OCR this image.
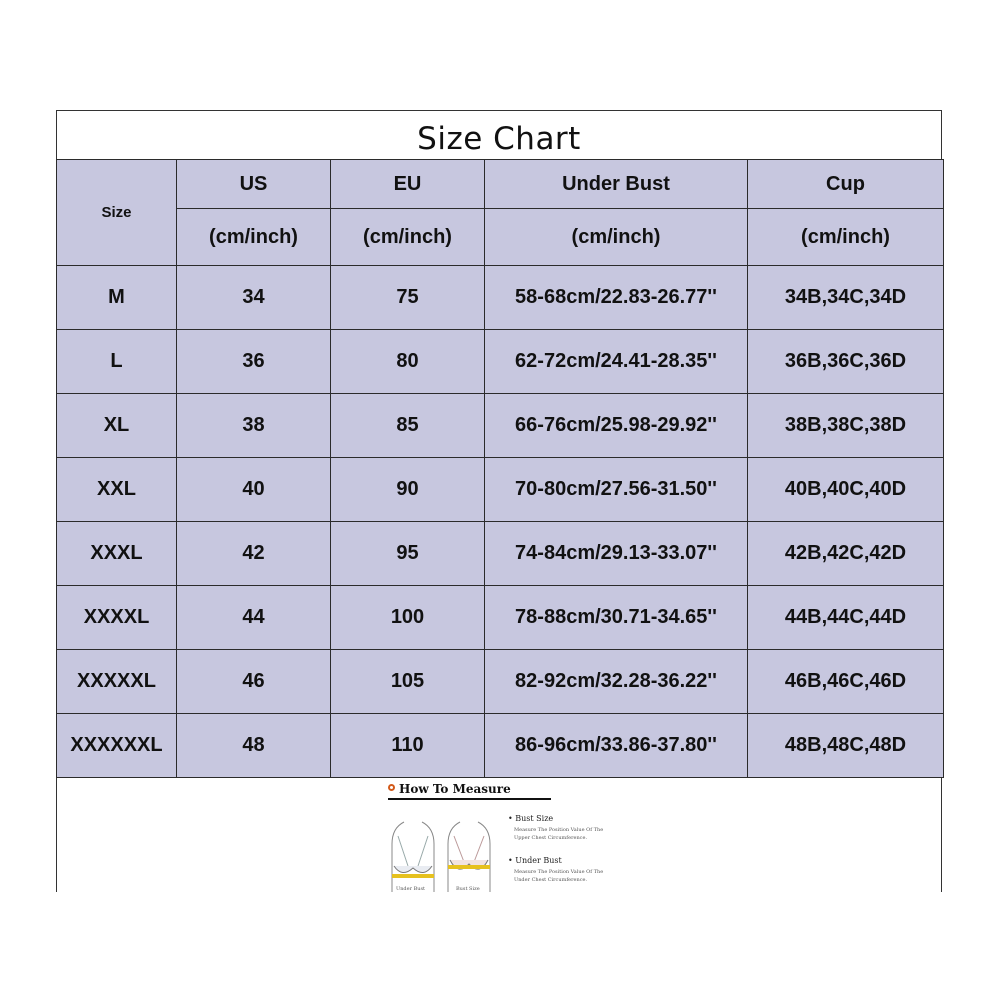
Size Chart
Size	US	EU	Under Bust	Cup
	(cm/inch)	(cm/inch)	(cm/inch)	(cm/inch)
M	34	75	58-68cm/22.83-26.77''	34B,34C,34D
L	36	80	62-72cm/24.41-28.35''	36B,36C,36D
XL	38	85	66-76cm/25.98-29.92''	38B,38C,38D
XXL	40	90	70-80cm/27.56-31.50''	40B,40C,40D
XXXL	42	95	74-84cm/29.13-33.07''	42B,42C,42D
XXXXL	44	100	78-88cm/30.71-34.65''	44B,44C,44D
XXXXXL	46	105	82-92cm/32.28-36.22''	46B,46C,46D
XXXXXXL	48	110	86-96cm/33.86-37.80''	48B,48C,48D
How To Measure
Under Bust	Bust Size
• Bust Size
Measure The Position Value Of The Upper Chest Circumference.
• Under Bust
Measure The Position Value Of The Under Chest Circumference.
